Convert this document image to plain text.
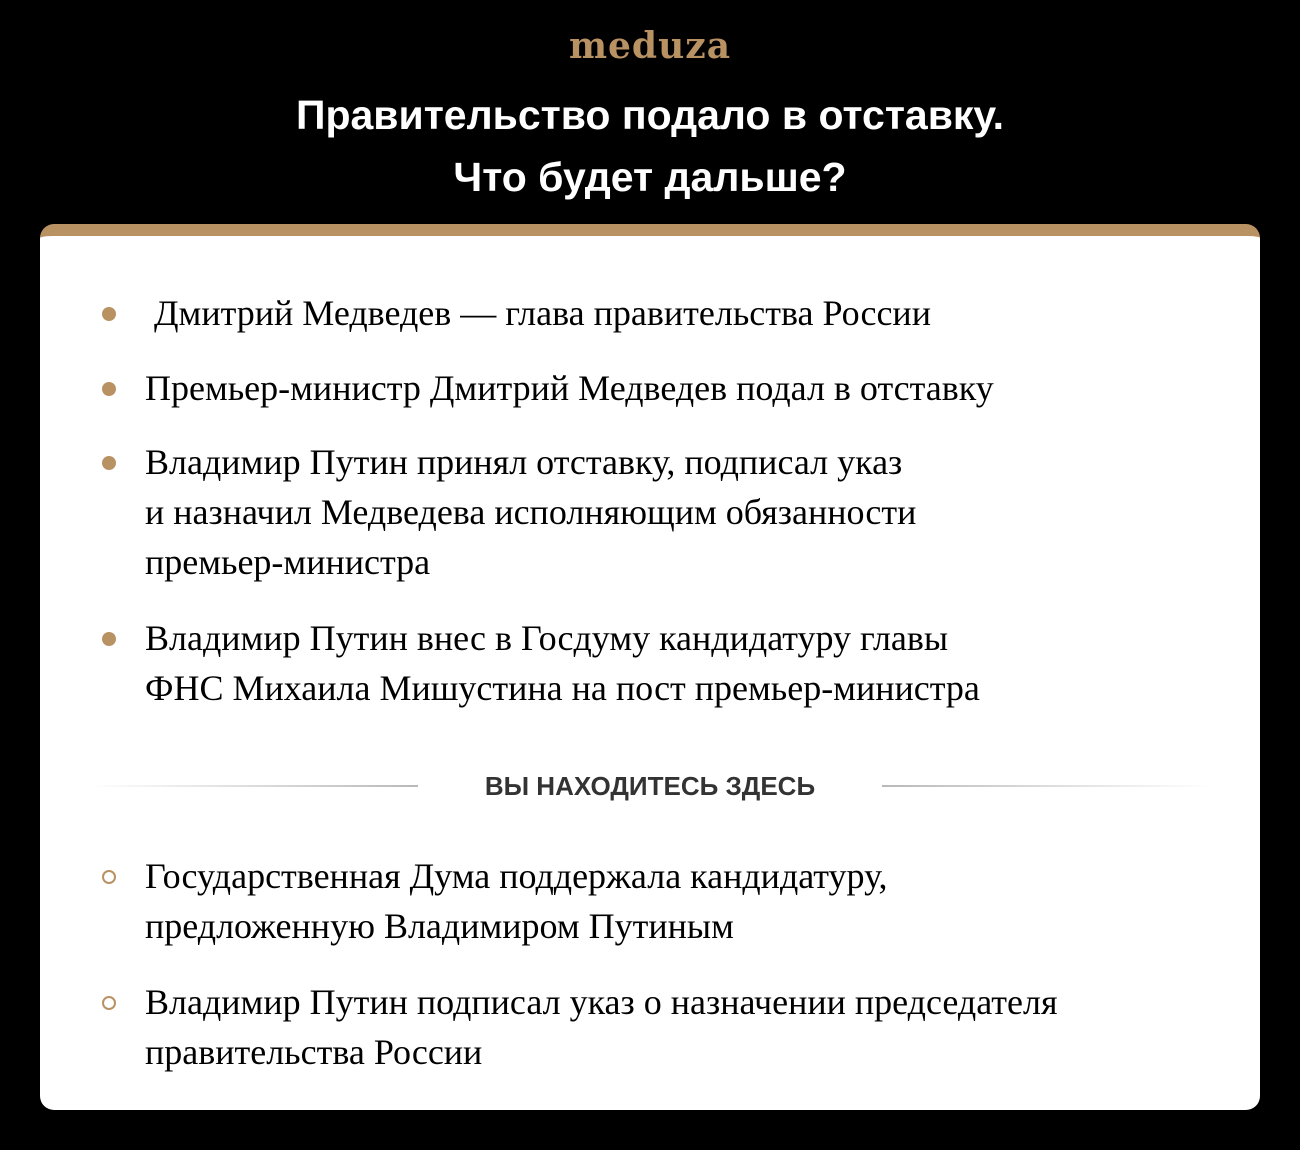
meduza
Правительство подало в отставку.
Что будет дальше?
Дмитрий Медведев — глава правительства России
Премьер-министр Дмитрий Медведев подал в отставку
Владимир Путин принял отставку, подписал указ
и назначил Медведева исполняющим обязанности
премьер-министра
Владимир Путин внес в Госдуму кандидатуру главы
ФНС Михаила Мишустина на пост премьер-министра
ВЫ НАХОДИТЕСЬ ЗДЕСЬ
Государственная Дума поддержала кандидатуру,
предложенную Владимиром Путиным
Владимир Путин подписал указ о назначении председателя
правительства России
